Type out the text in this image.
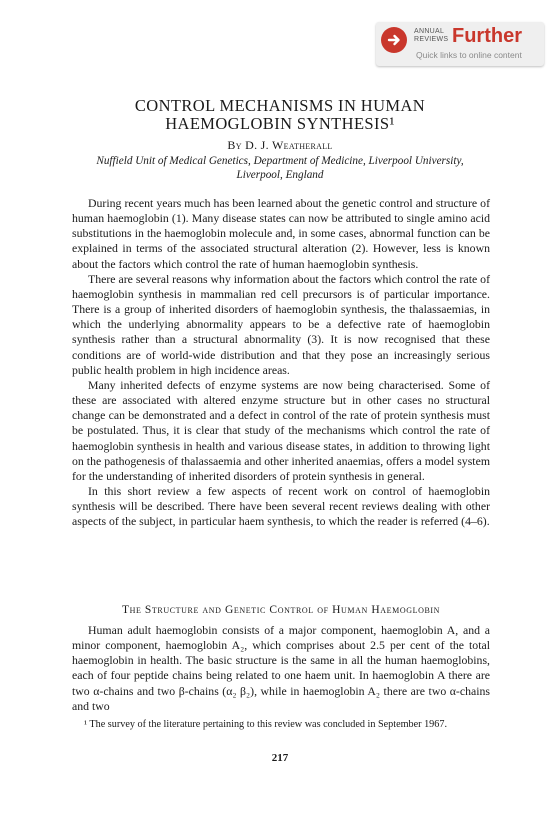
ANNUAL
REVIEWS Further
Quick links to online content
CONTROL MECHANISMS IN HUMAN
HAEMOGLOBIN SYNTHESIS¹
By D. J. Weatherall
Nuffield Unit of Medical Genetics, Department of Medicine, Liverpool University,
Liverpool, England

During recent years much has been learned about the genetic control and structure of human haemoglobin (1). Many disease states can now be attributed to single amino acid substitutions in the haemoglobin molecule and, in some cases, abnormal function can be explained in terms of the associated structural alteration (2). However, less is known about the factors which control the rate of human haemoglobin synthesis.

There are several reasons why information about the factors which control the rate of haemoglobin synthesis in mammalian red cell precursors is of particular importance. There is a group of inherited disorders of haemoglobin synthesis, the thalassaemias, in which the underlying abnormality appears to be a defective rate of haemoglobin synthesis rather than a structural abnormality (3). It is now recognised that these conditions are of world-wide distribution and that they pose an increasingly serious public health problem in high incidence areas.

Many inherited defects of enzyme systems are now being characterised. Some of these are associated with altered enzyme structure but in other cases no structural change can be demonstrated and a defect in control of the rate of protein synthesis must be postulated. Thus, it is clear that study of the mechanisms which control the rate of haemoglobin synthesis in health and various disease states, in addition to throwing light on the pathogenesis of thalassaemia and other inherited anaemias, offers a model system for the understanding of inherited disorders of protein synthesis in general.

In this short review a few aspects of recent work on control of haemoglobin synthesis will be described. There have been several recent reviews dealing with other aspects of the subject, in particular haem synthesis, to which the reader is referred (4–6).

The Structure and Genetic Control of Human Haemoglobin

Human adult haemoglobin consists of a major component, haemoglobin A, and a minor component, haemoglobin A₂, which comprises about 2.5 per cent of the total haemoglobin in health. The basic structure is the same in all the human haemoglobins, each of four peptide chains being related to one haem unit. In haemoglobin A there are two α-chains and two β-chains (α₂ β₂), while in haemoglobin A₂ there are two α-chains and two

¹ The survey of the literature pertaining to this review was concluded in September 1967.

217
